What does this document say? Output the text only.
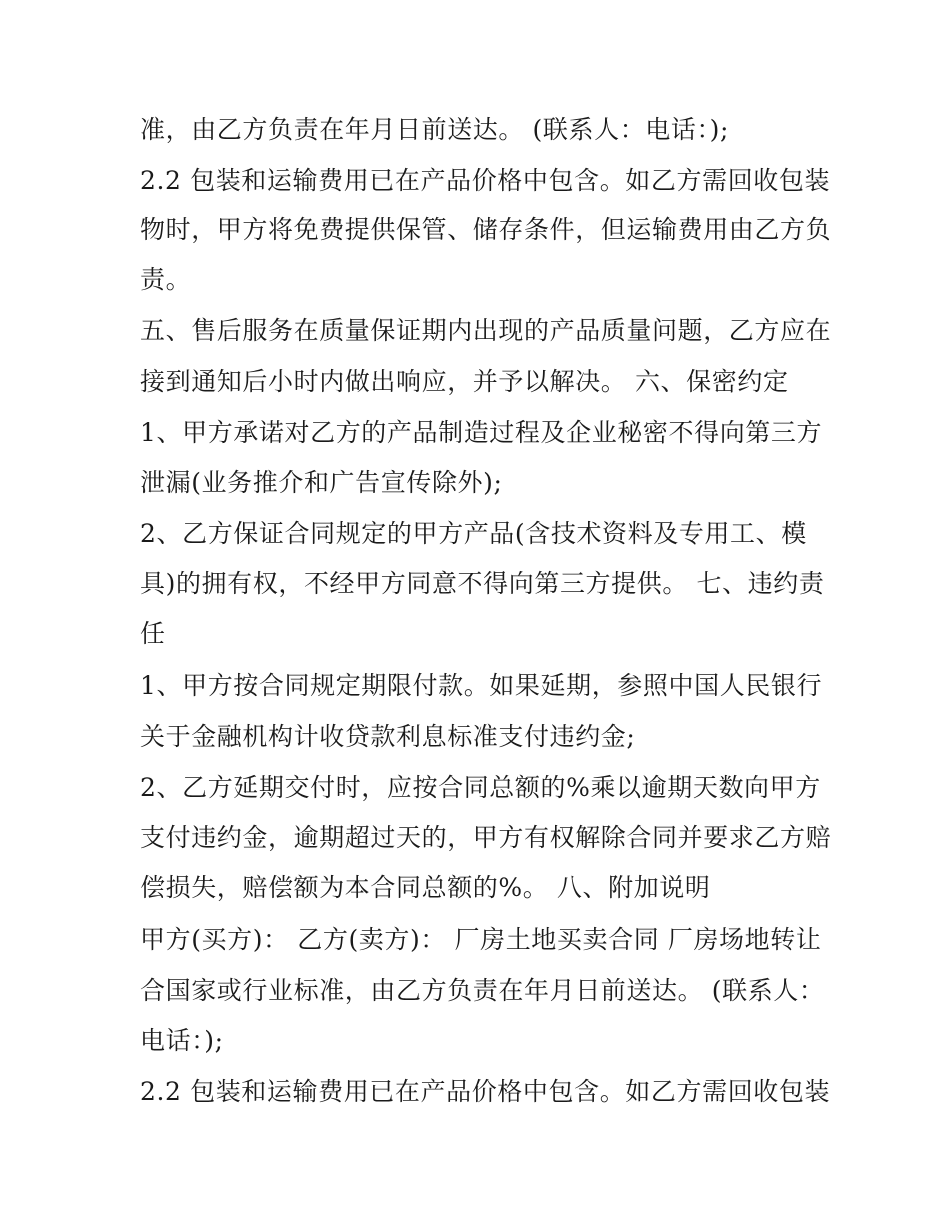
准，由乙方负责在年月日前送达。 (联系人：电话：);
2.2 包装和运输费用已在产品价格中包含。如乙方需回收包装
物时，甲方将免费提供保管、储存条件，但运输费用由乙方负
责。
五、售后服务在质量保证期内出现的产品质量问题，乙方应在
接到通知后小时内做出响应，并予以解决。 六、保密约定
1、甲方承诺对乙方的产品制造过程及企业秘密不得向第三方
泄漏(业务推介和广告宣传除外);
2、乙方保证合同规定的甲方产品(含技术资料及专用工、模
具)的拥有权，不经甲方同意不得向第三方提供。 七、违约责
任
1、甲方按合同规定期限付款。如果延期，参照中国人民银行
关于金融机构计收贷款利息标准支付违约金;
2、乙方延期交付时，应按合同总额的%乘以逾期天数向甲方
支付违约金，逾期超过天的，甲方有权解除合同并要求乙方赔
偿损失，赔偿额为本合同总额的%。 八、附加说明
甲方(买方)： 乙方(卖方)： 厂房土地买卖合同 厂房场地转让
合国家或行业标准，由乙方负责在年月日前送达。 (联系人：
电话：);
2.2 包装和运输费用已在产品价格中包含。如乙方需回收包装
